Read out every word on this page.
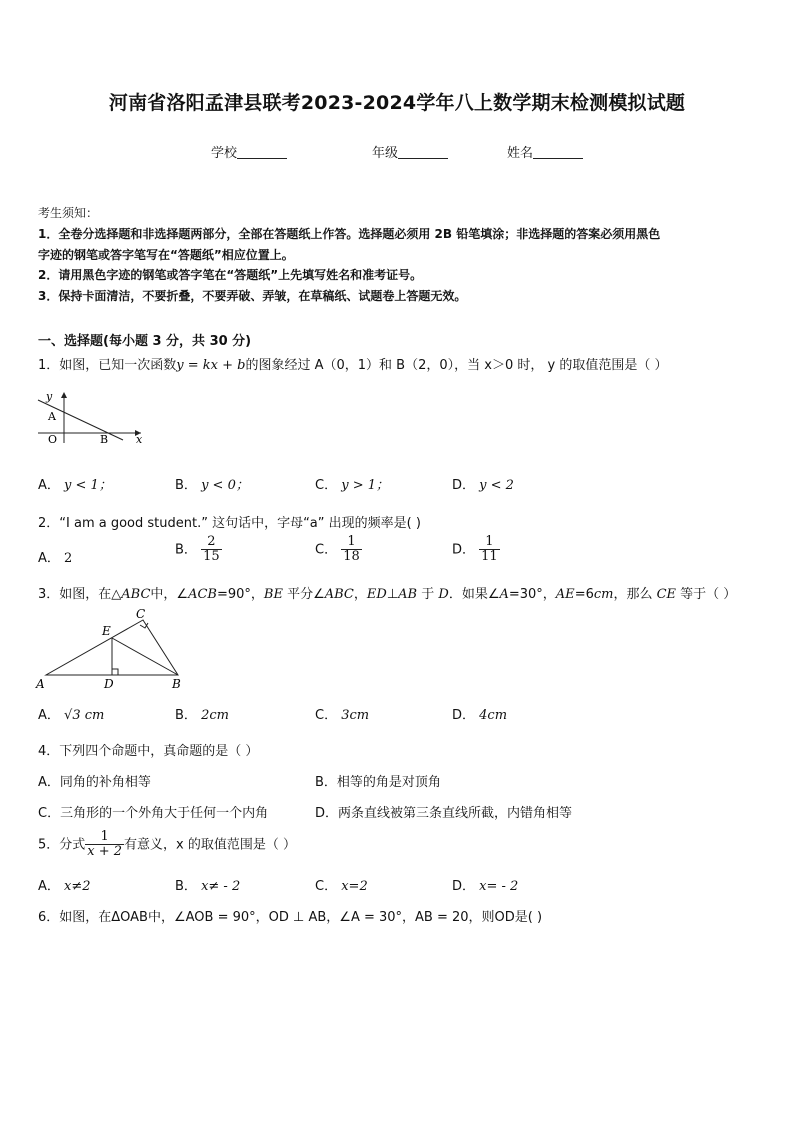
河南省洛阳孟津县联考2023-2024学年八上数学期末检测模拟试题
学校	年级	姓名
考生须知：
1．全卷分选择题和非选择题两部分，全部在答题纸上作答。选择题必须用 2B 铅笔填涂；非选择题的答案必须用黑色
字迹的钢笔或答字笔写在“答题纸”相应位置上。
2．请用黑色字迹的钢笔或答字笔在“答题纸”上先填写姓名和准考证号。
3．保持卡面清洁，不要折叠，不要弄破、弄皱，在草稿纸、试题卷上答题无效。
一、选择题(每小题 3 分，共 30 分)
1．如图，已知一次函数y = kx + b的图象经过 A（0，1）和 B（2，0），当 x＞0 时， y 的取值范围是（ ）
y
A
O	B	x
A． y < 1；	B． y < 0；	C． y > 1；	D． y < 2
2．“I am a good student.” 这句话中，字母“a” 出现的频率是( )
A． 2
B． $\frac{2}{15}$	C． $\frac{1}{18}$	D． $\frac{1}{11}$
3．如图，在△ABC中，∠ACB=90°，BE 平分∠ABC，ED⊥AB 于 D．如果∠A=30°，AE=6cm，那么 CE 等于（ ）
A	D	B
C
E
A． √3 cm	B． 2cm	C． 3cm	D． 4cm
4．下列四个命题中，真命题的是（ ）
A．同角的补角相等	B．相等的角是对顶角
C．三角形的一个外角大于任何一个内角	D．两条直线被第三条直线所截，内错角相等
5．分式 $\frac{1}{x + 2}$ 有意义，x 的取值范围是（ ）
A． x≠2	B． x≠ - 2	C． x=2	D． x= - 2
6．如图，在ΔOAB中，∠AOB = 90°，OD ⊥ AB，∠A = 30°，AB = 20，则OD是( )
